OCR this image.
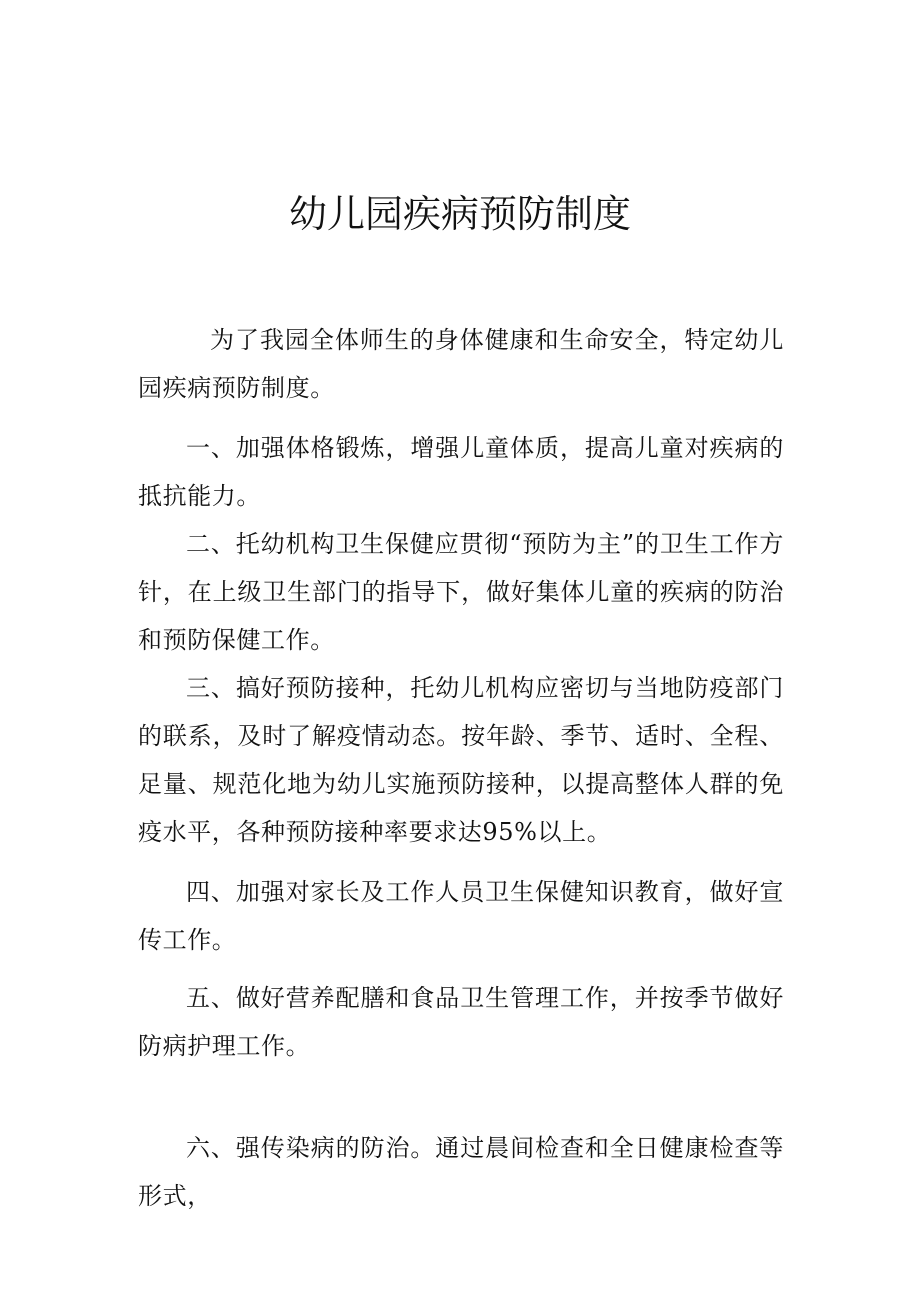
幼儿园疾病预防制度

为了我园全体师生的身体健康和生命安全，特定幼儿园疾病预防制度。

一、加强体格锻炼，增强儿童体质，提高儿童对疾病的抵抗能力。

二、托幼机构卫生保健应贯彻“预防为主”的卫生工作方针，在上级卫生部门的指导下，做好集体儿童的疾病的防治和预防保健工作。

三、搞好预防接种，托幼儿机构应密切与当地防疫部门的联系，及时了解疫情动态。按年龄、季节、适时、全程、足量、规范化地为幼儿实施预防接种，以提高整体人群的免疫水平，各种预防接种率要求达95%以上。

四、加强对家长及工作人员卫生保健知识教育，做好宣传工作。

五、做好营养配膳和食品卫生管理工作，并按季节做好防病护理工作。

六、强传染病的防治。通过晨间检查和全日健康检查等形式，
